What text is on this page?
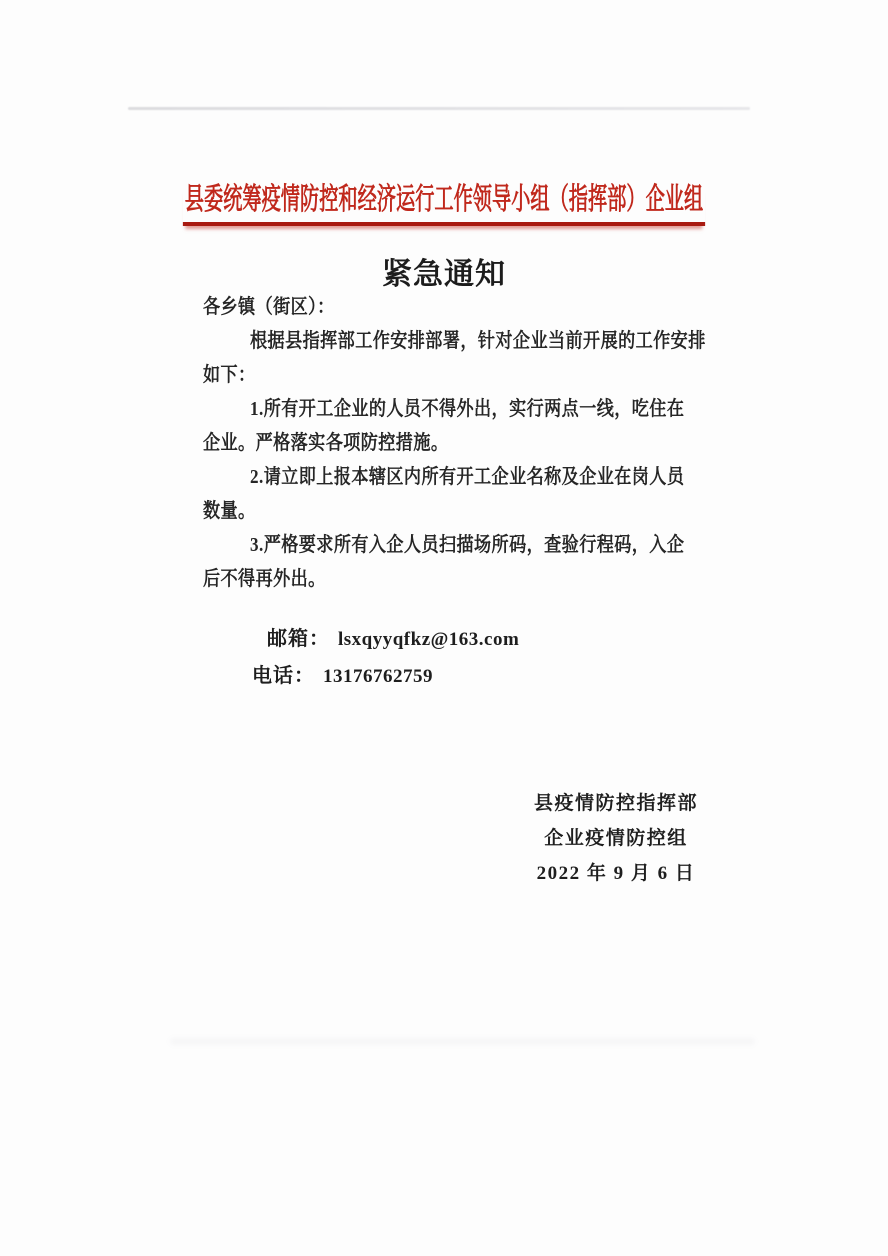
县委统筹疫情防控和经济运行工作领导小组（指挥部）企业组
紧急通知
各乡镇（街区）：
根据县指挥部工作安排部署，针对企业当前开展的工作安排
如下：
1.所有开工企业的人员不得外出，实行两点一线，吃住在
企业。严格落实各项防控措施。
2.请立即上报本辖区内所有开工企业名称及企业在岗人员
数量。
3.严格要求所有入企人员扫描场所码，查验行程码，入企
后不得再外出。
邮箱： lsxqyyqfkz@163.com
电话： 13176762759
县疫情防控指挥部
企业疫情防控组
2022 年 9 月 6 日
